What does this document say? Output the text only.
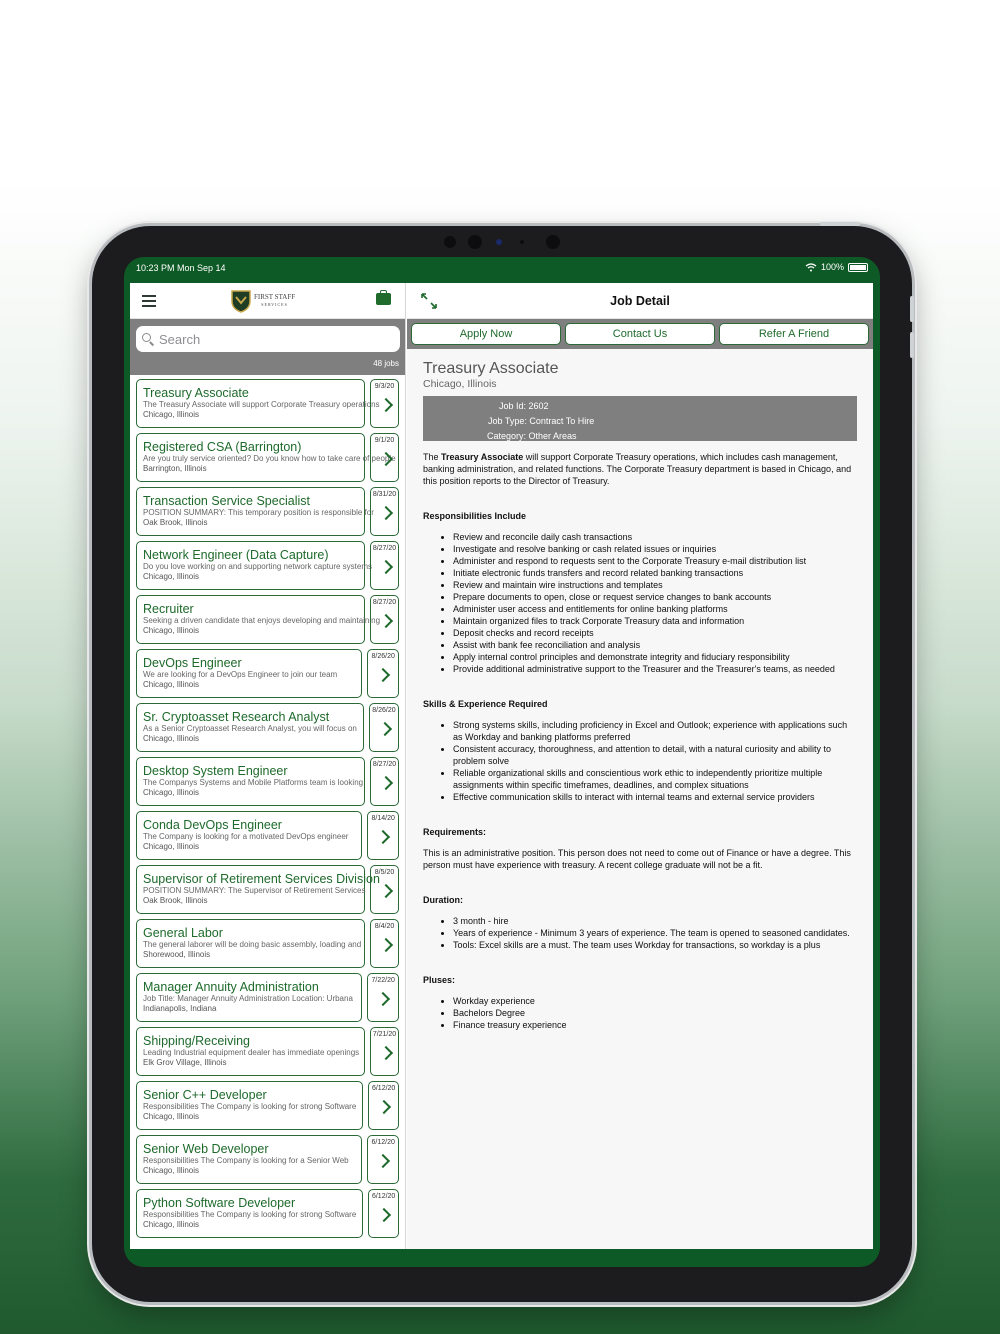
10:23 PM Mon Sep 14	100%
FIRST STAFF
SERVICES
Search
48 jobs
Treasury Associate
The Treasury Associate will support Corporate Treasury operations
Chicago, Illinois
9/3/20
Registered CSA (Barrington)
Are you truly service oriented? Do you know how to take care of people
Barrington, Illinois
9/1/20
Transaction Service Specialist
POSITION SUMMARY: This temporary position is responsible for
Oak Brook, Illinois
8/31/20
Network Engineer (Data Capture)
Do you love working on and supporting network capture systems
Chicago, Illinois
8/27/20
Recruiter
Seeking a driven candidate that enjoys developing and maintaining
Chicago, Illinois
8/27/20
DevOps Engineer
We are looking for a DevOps Engineer to join our team
Chicago, Illinois
8/26/20
Sr. Cryptoasset Research Analyst
As a Senior Cryptoasset Research Analyst, you will focus on
Chicago, Illinois
8/26/20
Desktop System Engineer
The Companys Systems and Mobile Platforms team is looking
Chicago, Illinois
8/27/20
Conda DevOps Engineer
The Company is looking for a motivated DevOps engineer
Chicago, Illinois
8/14/20
Supervisor of Retirement Services Division
POSITION SUMMARY: The Supervisor of Retirement Services
Oak Brook, Illinois
8/5/20
General Labor
The general laborer will be doing basic assembly, loading and
Shorewood, Illinois
8/4/20
Manager Annuity Administration
Job Title: Manager Annuity Administration Location: Urbana
Indianapolis, Indiana
7/22/20
Shipping/Receiving
Leading Industrial equipment dealer has immediate openings
Elk Grov Village, Illinois
7/21/20
Senior C++ Developer
Responsibilities The Company is looking for strong Software
Chicago, Illinois
6/12/20
Senior Web Developer
Responsibilities The Company is looking for a Senior Web
Chicago, Illinois
6/12/20
Python Software Developer
Responsibilities The Company is looking for strong Software
Chicago, Illinois
6/12/20
Job Detail
Apply Now	Contact Us	Refer A Friend
Treasury Associate
Chicago, Illinois
Job Id: 2602
Job Type: Contract To Hire
Category: Other Areas
The Treasury Associate will support Corporate Treasury operations, which includes cash management, banking administration, and related functions. The Corporate Treasury department is based in Chicago, and this position reports to the Director of Treasury.
Responsibilities Include
• Review and reconcile daily cash transactions
• Investigate and resolve banking or cash related issues or inquiries
• Administer and respond to requests sent to the Corporate Treasury e-mail distribution list
• Initiate electronic funds transfers and record related banking transactions
• Review and maintain wire instructions and templates
• Prepare documents to open, close or request service changes to bank accounts
• Administer user access and entitlements for online banking platforms
• Maintain organized files to track Corporate Treasury data and information
• Deposit checks and record receipts
• Assist with bank fee reconciliation and analysis
• Apply internal control principles and demonstrate integrity and fiduciary responsibility
• Provide additional administrative support to the Treasurer and the Treasurer's teams, as needed
Skills & Experience Required
• Strong systems skills, including proficiency in Excel and Outlook; experience with applications such as Workday and banking platforms preferred
• Consistent accuracy, thoroughness, and attention to detail, with a natural curiosity and ability to problem solve
• Reliable organizational skills and conscientious work ethic to independently prioritize multiple assignments within specific timeframes, deadlines, and complex situations
• Effective communication skills to interact with internal teams and external service providers
Requirements:
This is an administrative position. This person does not need to come out of Finance or have a degree. This person must have experience with treasury. A recent college graduate will not be a fit.
Duration:
• 3 month - hire
• Years of experience - Minimum 3 years of experience. The team is opened to seasoned candidates.
• Tools: Excel skills are a must. The team uses Workday for transactions, so workday is a plus
Pluses:
• Workday experience
• Bachelors Degree
• Finance treasury experience
